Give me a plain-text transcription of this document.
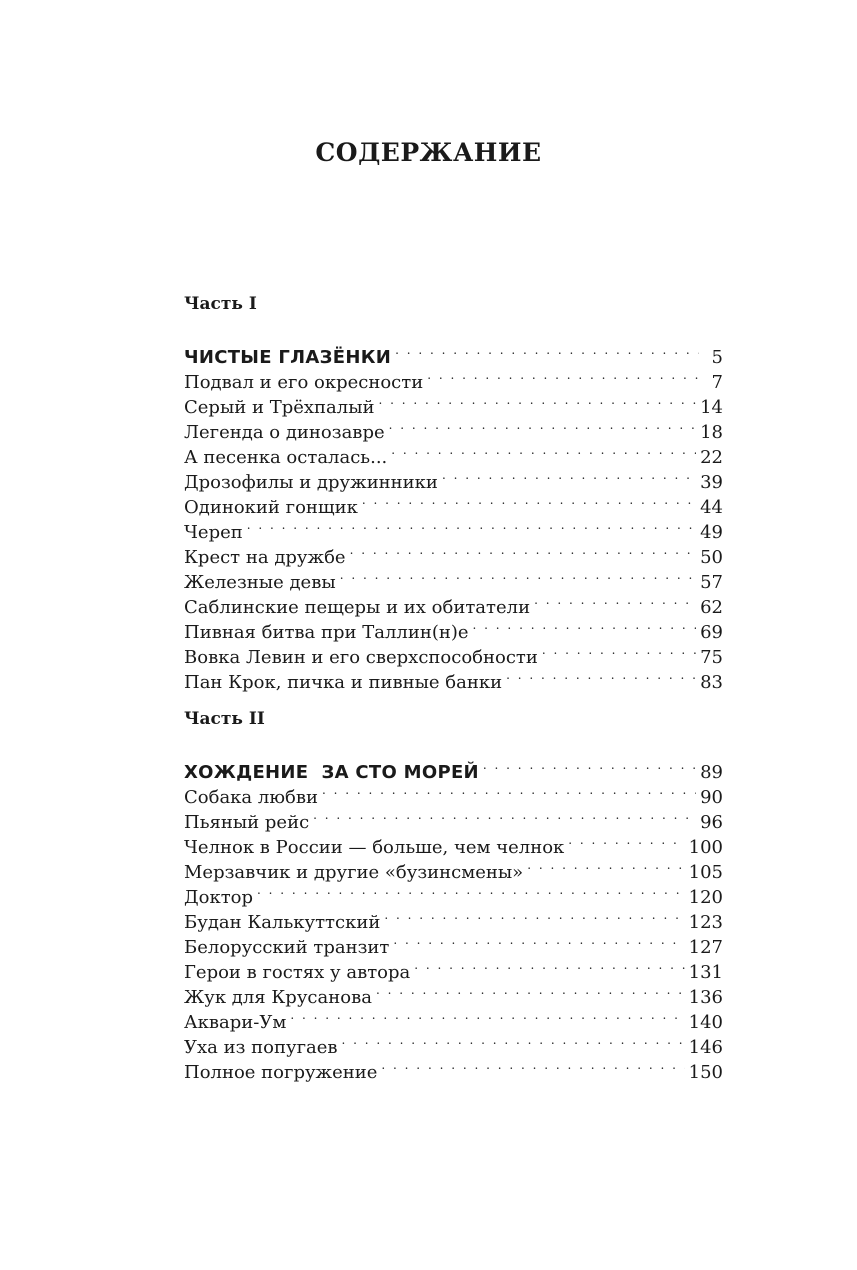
СОДЕРЖАНИЕ
Часть I
ЧИСТЫЕ ГЛАЗЁНКИ . . .	5
Подвал и его окресности . . .	7
Серый и Трёхпалый . . .	14
Легенда о динозавре . . .	18
А песенка осталась... . . .	22
Дрозофилы и дружинники . . .	39
Одинокий гонщик . . .	44
Череп . . .	49
Крест на дружбе . . .	50
Железные девы . . .	57
Саблинские пещеры и их обитатели . . .	62
Пивная битва при Таллин(н)е . . .	69
Вовка Левин и его сверхспособности . . .	75
Пан Крок, пичка и пивные банки . . .	83
Часть II
ХОЖДЕНИЕ  ЗА СТО МОРЕЙ . . .	89
Собака любви . . .	90
Пьяный рейс . . .	96
Челнок в России — больше, чем челнок . . .	100
Мерзавчик и другие «бузинсмены» . . .	105
Доктор . . .	120
Будан Калькуттский . . .	123
Белорусский транзит . . .	127
Герои в гостях у автора . . .	131
Жук для Крусанова . . .	136
Аквари-Ум . . .	140
Уха из попугаев . . .	146
Полное погружение . . .	150
